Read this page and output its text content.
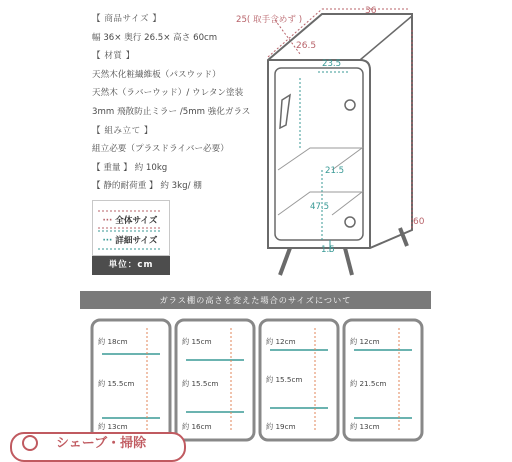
【 商品サイズ 】
幅 36× 奥行 26.5× 高さ 60cm
【 材質 】
天然木化粧繊維板（パスウッド）
天然木（ラバーウッド）/ ウレタン塗装
3mm 飛散防止ミラー /5mm 強化ガラス
【 組み立て 】
組立必要（プラスドライバー必要）
【 重量 】 約 10kg
【 静的耐荷重 】 約 3kg/ 棚
··· 全体サイズ
··· 詳細サイズ
単位：cm
25( 取手含めず )
36
26.5
23.5
21.5
47.5
1.5
60
ガラス棚の高さを変えた場合のサイズについて
約 18cm
約 15.5cm
約 13cm
約 15cm
約 15.5cm
約 16cm
約 12cm
約 15.5cm
約 19cm
約 12cm
約 21.5cm
約 13cm
シェーブ・掃除
